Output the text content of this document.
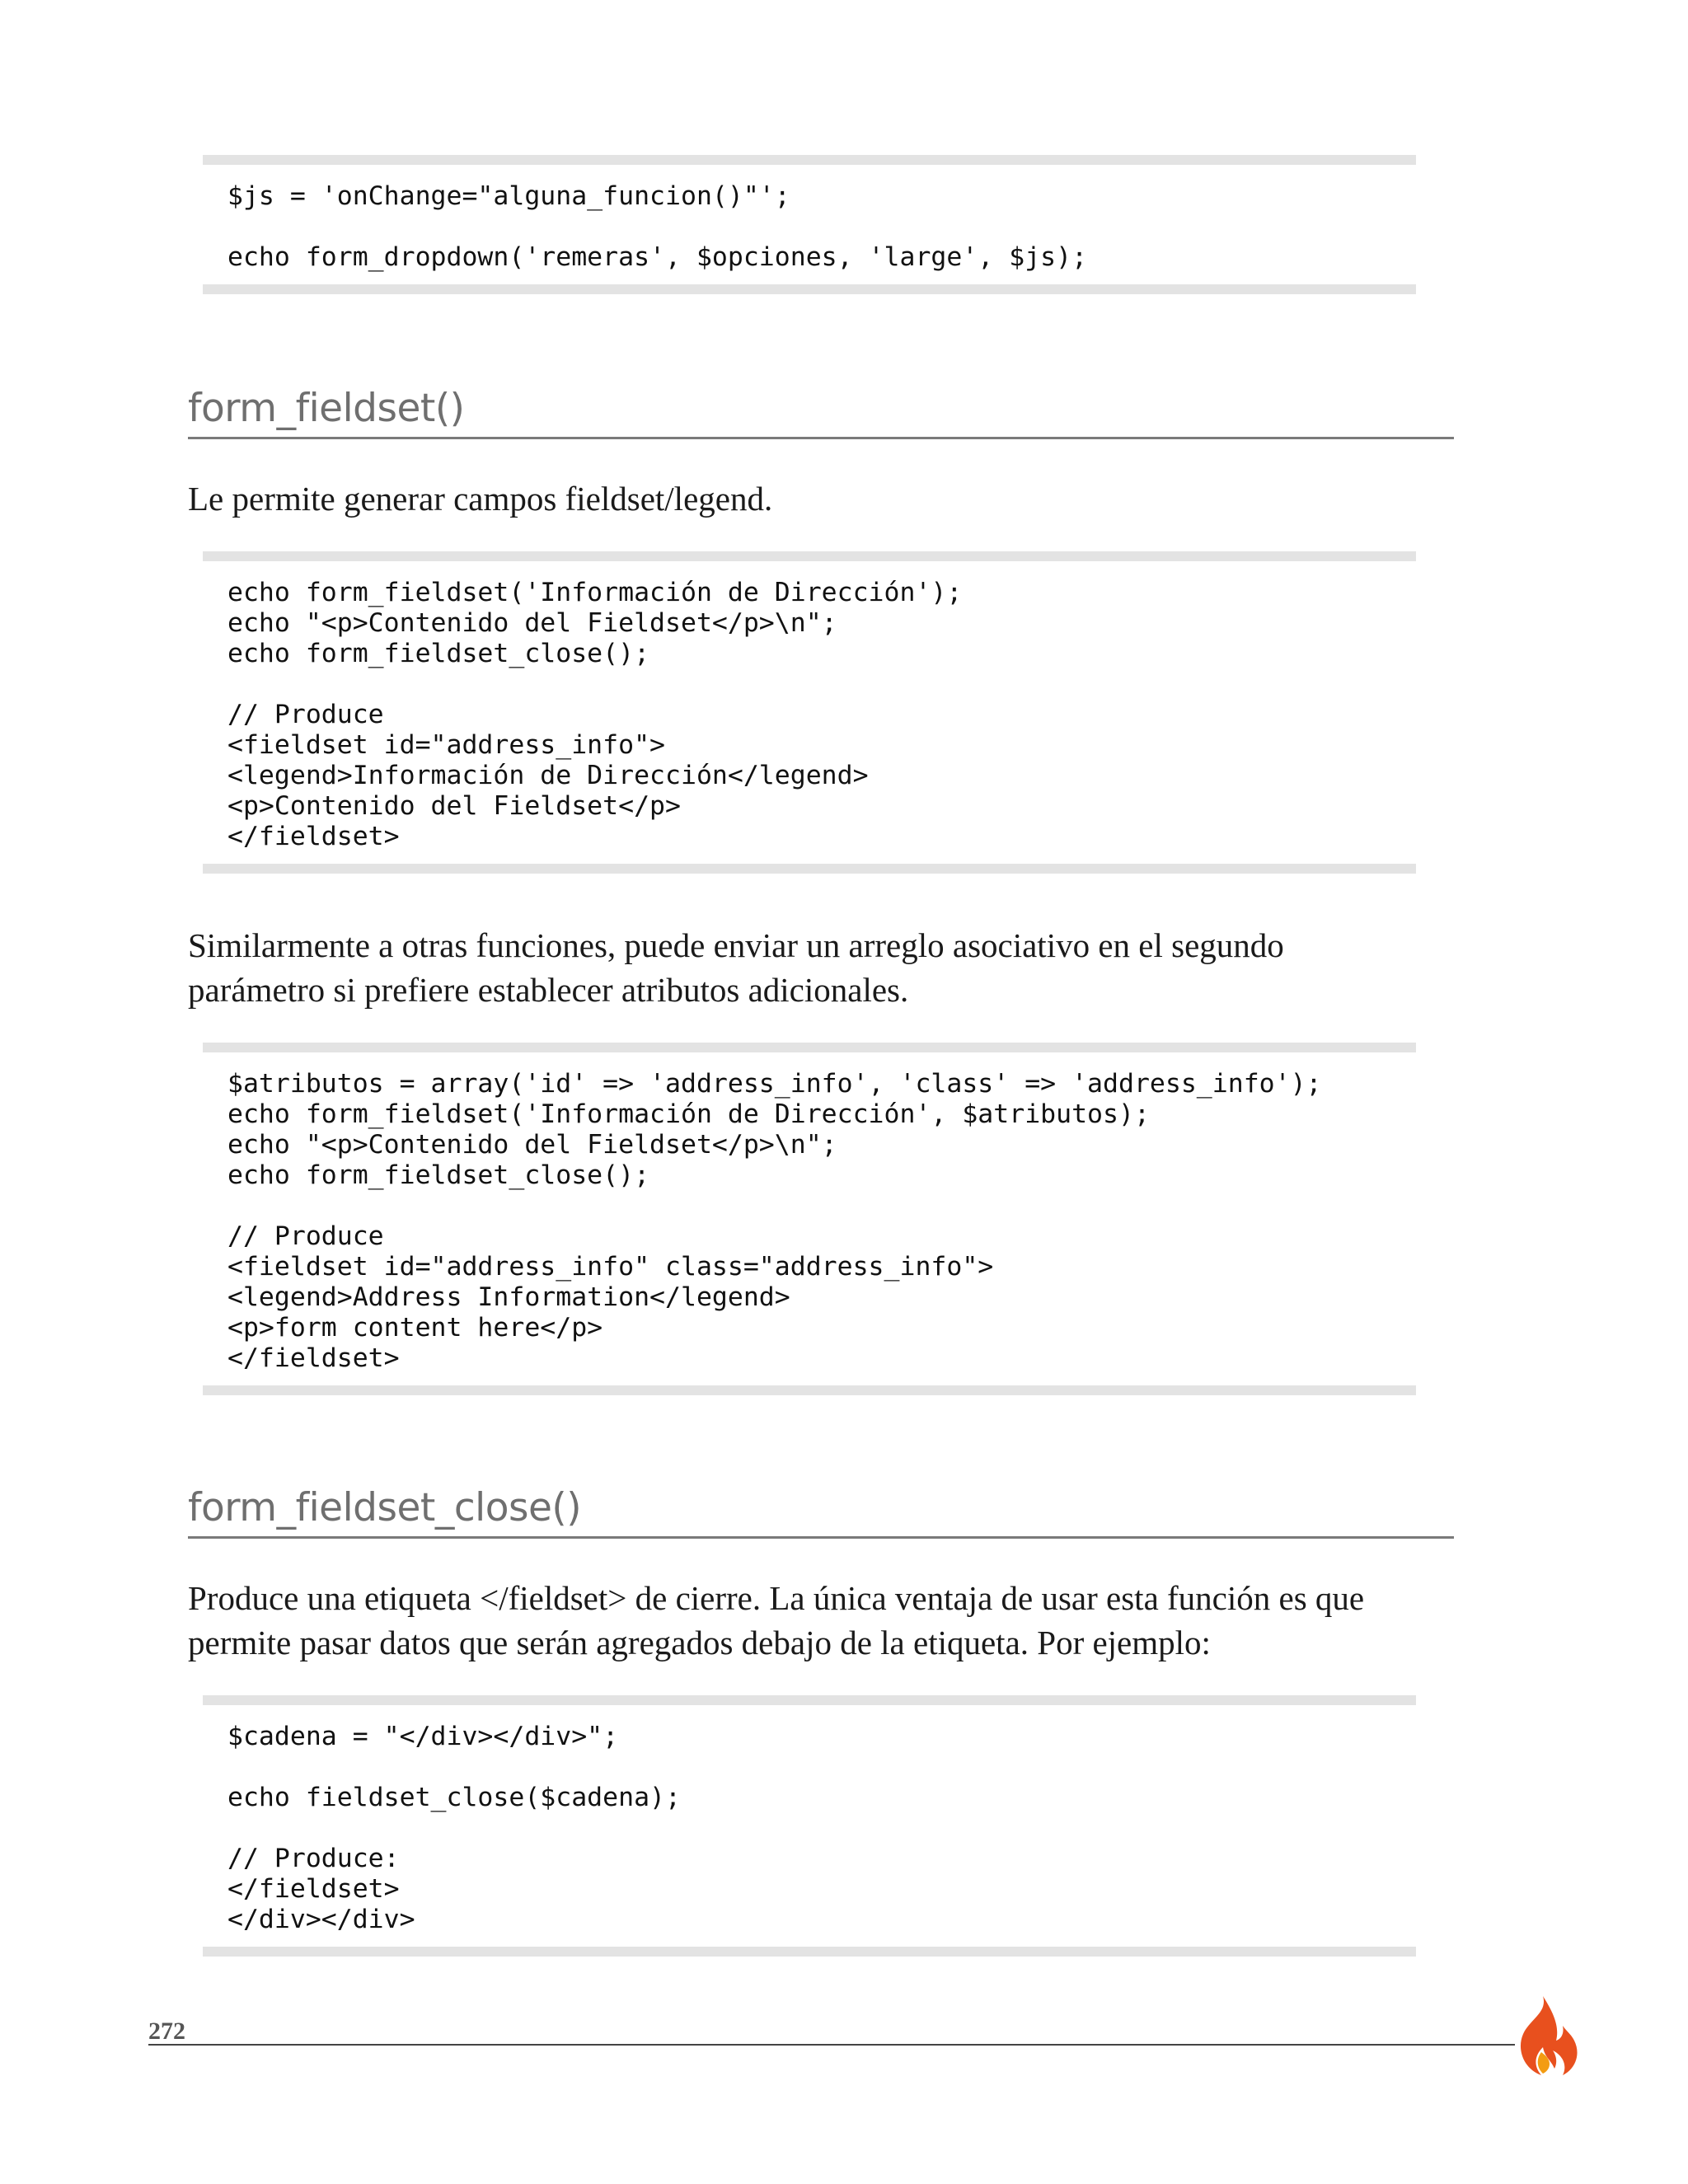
$js = 'onChange="alguna_funcion()"';
echo form_dropdown('remeras', $opciones, 'large', $js);
form_fieldset()
Le permite generar campos fieldset/legend.
echo form_fieldset('Información de Dirección');
echo "<p>Contenido del Fieldset</p>\n";
echo form_fieldset_close();
// Produce
<fieldset id="address_info">
<legend>Información de Dirección</legend>
<p>Contenido del Fieldset</p>
</fieldset>
Similarmente a otras funciones, puede enviar un arreglo asociativo en el segundo
parámetro si prefiere establecer atributos adicionales.
$atributos = array('id' => 'address_info', 'class' => 'address_info');
echo form_fieldset('Información de Dirección', $atributos);
echo "<p>Contenido del Fieldset</p>\n";
echo form_fieldset_close();
// Produce
<fieldset id="address_info" class="address_info">
<legend>Address Information</legend>
<p>form content here</p>
</fieldset>
form_fieldset_close()
Produce una etiqueta </fieldset> de cierre. La única ventaja de usar esta función es que
permite pasar datos que serán agregados debajo de la etiqueta. Por ejemplo:
$cadena = "</div></div>";
echo fieldset_close($cadena);
// Produce:
</fieldset>
</div></div>
272
